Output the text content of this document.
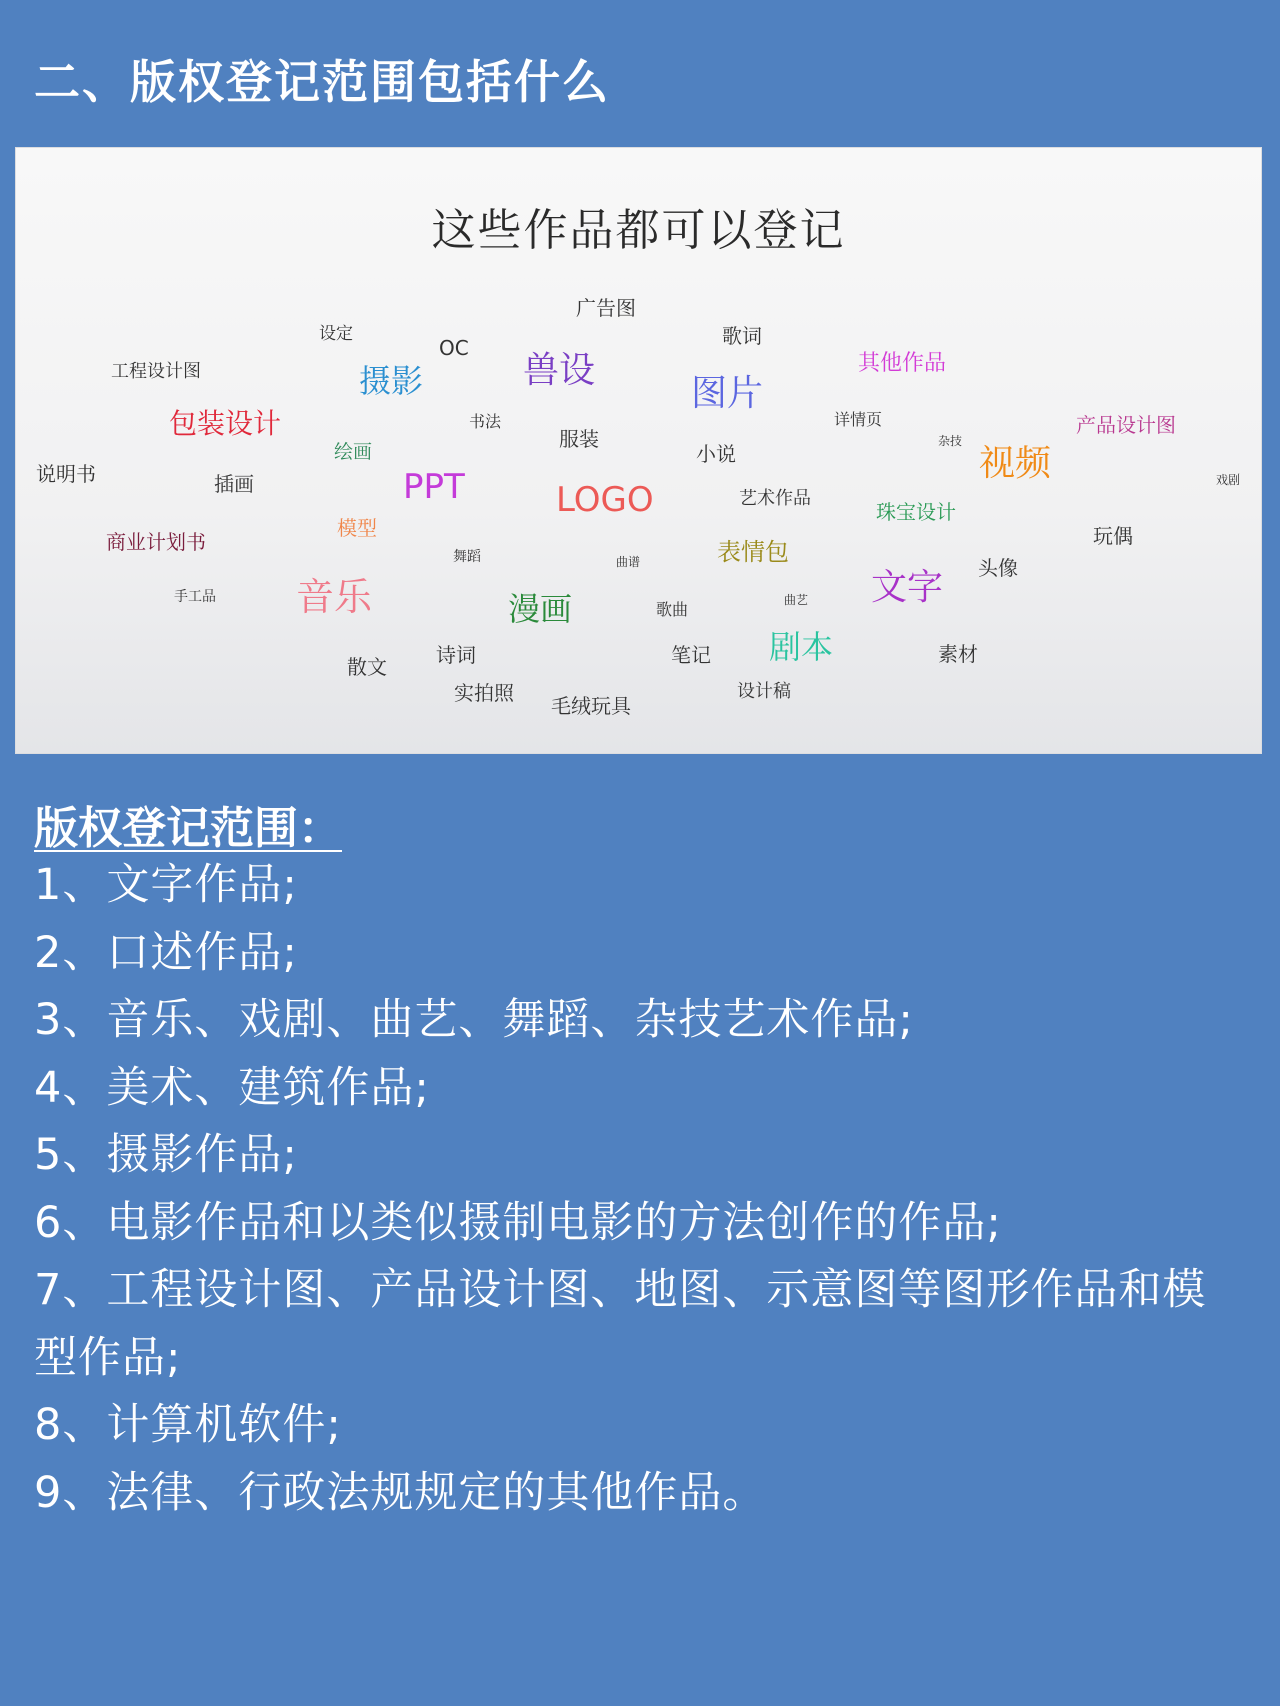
二、版权登记范围包括什么
这些作品都可以登记
广告图
设定
OC	歌词
工程设计图	兽设	其他作品
摄影	图片
包装设计	书法	详情页	产品设计图
服装	杂技
绘画	小说	视频
说明书	戏剧
插画	PPT	LOGO	艺术作品
珠宝设计
模型	玩偶
商业计划书
舞蹈	曲谱	表情包
头像
手工品	文字
音乐	曲艺
漫画	歌曲
剧本
诗词	笔记	素材
散文
实拍照	设计稿
毛绒玩具
版权登记范围：
1、文字作品;
2、口述作品;
3、音乐、戏剧、曲艺、舞蹈、杂技艺术作品;
4、美术、建筑作品;
5、摄影作品;
6、电影作品和以类似摄制电影的方法创作的作品;
7、工程设计图、产品设计图、地图、示意图等图形作品和模型作品;
8、计算机软件;
9、法律、行政法规规定的其他作品。
